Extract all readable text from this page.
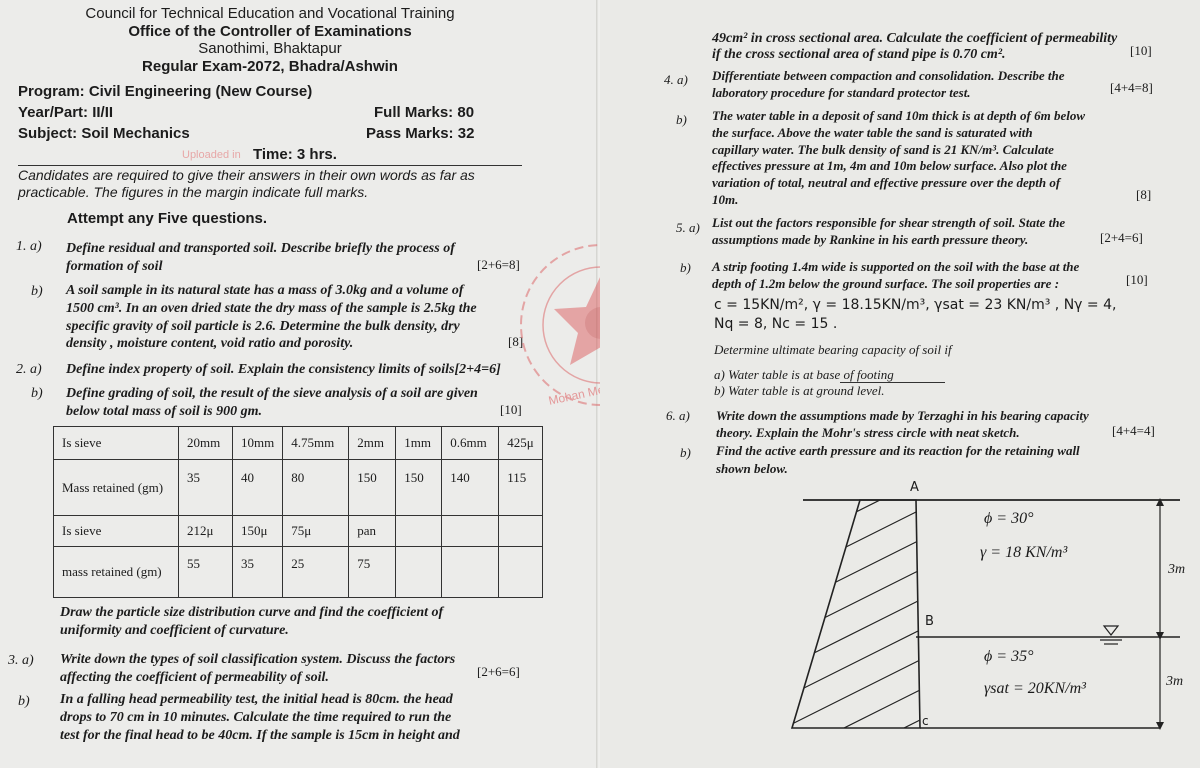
Council for Technical Education and Vocational Training
Office of the Controller of Examinations
Sanothimi, Bhaktapur
Regular Exam-2072, Bhadra/Ashwin
Program: Civil Engineering (New Course)
Year/Part: II/II	Full Marks: 80
Subject: Soil Mechanics	Pass Marks: 32
Uploaded in Time: 3 hrs.
Candidates are required to give their answers in their own words as far as
practicable. The figures in the margin indicate full marks.
Attempt any Five questions.
1. a) Define residual and transported soil. Describe briefly the process of
formation of soil	[2+6=8]
b) A soil sample in its natural state has a mass of 3.0kg and a volume of
1500 cm³. In an oven dried state the dry mass of the sample is 2.5kg the
specific gravity of soil particle is 2.6. Determine the bulk density, dry
density , moisture content, void ratio and porosity.	[8]
2. a) Define index property of soil. Explain the consistency limits of soils[2+4=6]
b) Define grading of soil, the result of the sieve analysis of a soil are given
below total mass of soil is 900 gm.	[10]
Is sieve	20mm	10mm	4.75mm	2mm	1mm	0.6mm	425μ
Mass retained (gm)	35	40	80	150	150	140	115
Is sieve	212μ	150μ	75μ	pan			
mass retained (gm)	55	35	25	75			
Draw the particle size distribution curve and find the coefficient of
uniformity and coefficient of curvature.
3. a) Write down the types of soil classification system. Discuss the factors
affecting the coefficient of permeability of soil.	[2+6=6]
b) In a falling head permeability test, the initial head is 80cm. the head
drops to 70 cm in 10 minutes. Calculate the time required to run the
test for the final head to be 40cm. If the sample is 15cm in height and
Mohan
49cm² in cross sectional area. Calculate the coefficient of permeability
if the cross sectional area of stand pipe is 0.70 cm².	[10]
4. a) Differentiate between compaction and consolidation. Describe the
laboratory procedure for standard protector test.	[4+4=8]
b) The water table in a deposit of sand 10m thick is at depth of 6m below
the surface. Above the water table the sand is saturated with
capillary water. The bulk density of sand is 21 KN/m³. Calculate
effectives pressure at 1m, 4m and 10m below surface. Also plot the
variation of total, neutral and effective pressure over the depth of
10m.	[8]
5. a) List out the factors responsible for shear strength of soil. State the
assumptions made by Rankine in his earth pressure theory.	[2+4=6]
b) A strip footing 1.4m wide is supported on the soil with the base at the
depth of 1.2m below the ground surface. The soil properties are :	[10]
c = 15KN/m², γ = 18.15KN/m³, γsat = 23 KN/m³ , Nγ = 4,
Nq = 8, Nc = 15 .
Determine ultimate bearing capacity of soil if
a) Water table is at base of footing
b) Water table is at ground level.
6. a) Write down the assumptions made by Terzaghi in his bearing capacity
theory. Explain the Mohr's stress circle with neat sketch.	[4+4=4]
b) Find the active earth pressure and its reaction for the retaining wall
shown below.
A
B
c
ϕ = 30°
γ = 18 KN/m³
3m
ϕ = 35°
γsat = 20KN/m³	3m
